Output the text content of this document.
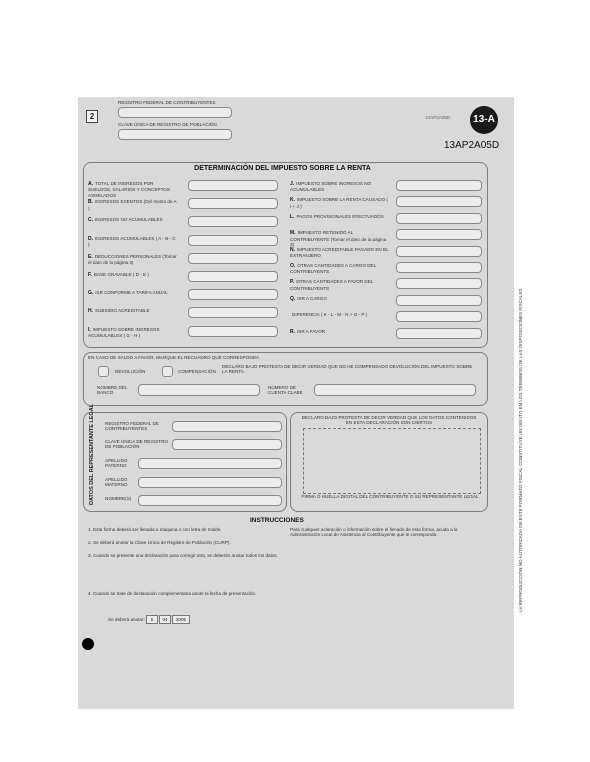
2
REGISTRO FEDERAL DE CONTRIBUYENTES
CLAVE ÚNICA DE REGISTRO DE POBLACIÓN
13AP2A05D	13-A
13AP2A05D
DETERMINACIÓN DEL IMPUESTO SOBRE LA RENTA
A. TOTAL DE INGRESOS POR SUELDOS, SALARIOS Y CONCEPTOS ASIMILADOS
B. INGRESOS EXENTOS (Del monto de A )
C. INGRESOS NO ACUMULABLES
D. INGRESOS ACUMULABLES ( A - B - C )
E. DEDUCCIONES PERSONALES (Tomar el dato de la página 3)
F. BASE GRAVABLE ( D - E )
G. ISR CONFORME A TARIFA ANUAL
H. SUBSIDIO ACREDITABLE
I. IMPUESTO SOBRE INGRESOS ACUMULABLES ( G - H )
J. IMPUESTO SOBRE INGRESOS NO ACUMULABLES
K. IMPUESTO SOBRE LA RENTA CAUSADO ( I + J )
L. PAGOS PROVISIONALES EFECTUADOS
M. IMPUESTO RETENIDO AL CONTRIBUYENTE (Tomar el dato de la página 3)
N. IMPUESTO ACREDITABLE PAGADO EN EL EXTRANJERO
O. OTRAS CANTIDADES A CARGO DEL CONTRIBUYENTE
P. OTRAS CANTIDADES A FAVOR DEL CONTRIBUYENTE
Q. ISR A CARGO
DIFERENCIA ( K - L - M - N + O - P )
R. ISR A FAVOR
EN CASO DE SALDO A FAVOR, MARQUE EL RECUADRO QUE CORRESPONDA
DEVOLUCIÓN	COMPENSACIÓN
DECLARO BAJO PROTESTA DE DECIR VERDAD QUE NO HE COMPENSADO DEVOLUCIÓN DEL IMPUESTO SOBRE LA RENTA
NOMBRE DEL BANCO
NÚMERO DE CUENTA CLABE
DATOS DEL REPRESENTANTE LEGAL REGISTRO FEDERAL DE CONTRIBUYENTES
CLAVE ÚNICA DE REGISTRO DE POBLACIÓN
APELLIDO PATERNO
APELLIDO MATERNO
NOMBRE(S)
DECLARO BAJO PROTESTA DE DECIR VERDAD QUE LOS DATOS CONTENIDOS EN ESTA DECLARACIÓN SON CIERTOS
FIRMA O HUELLA DIGITAL DEL CONTRIBUYENTE O SU REPRESENTANTE LEGAL
INSTRUCCIONES
1. Esta forma deberá ser llenada a máquina o con letra de molde.
2. Se deberá anotar la Clave Única de Registro de Población (CURP).
3. Cuando se presente una declaración para corregir otra, se deberán anotar todos los datos.
4. Cuando se trate de declaración complementaria anote la fecha de presentación.
Se deberá anotar:	5	04	2005
Para cualquier aclaración o información sobre el llenado de esta forma, acuda a la Administración Local de Asistencia al Contribuyente que le corresponda.	LA REPRODUCCIÓN NO AUTORIZADA DE ESTE FORMATO FISCAL CONSTITUYE UN DELITO EN LOS TÉRMINOS DE LAS DISPOSICIONES FISCALES
